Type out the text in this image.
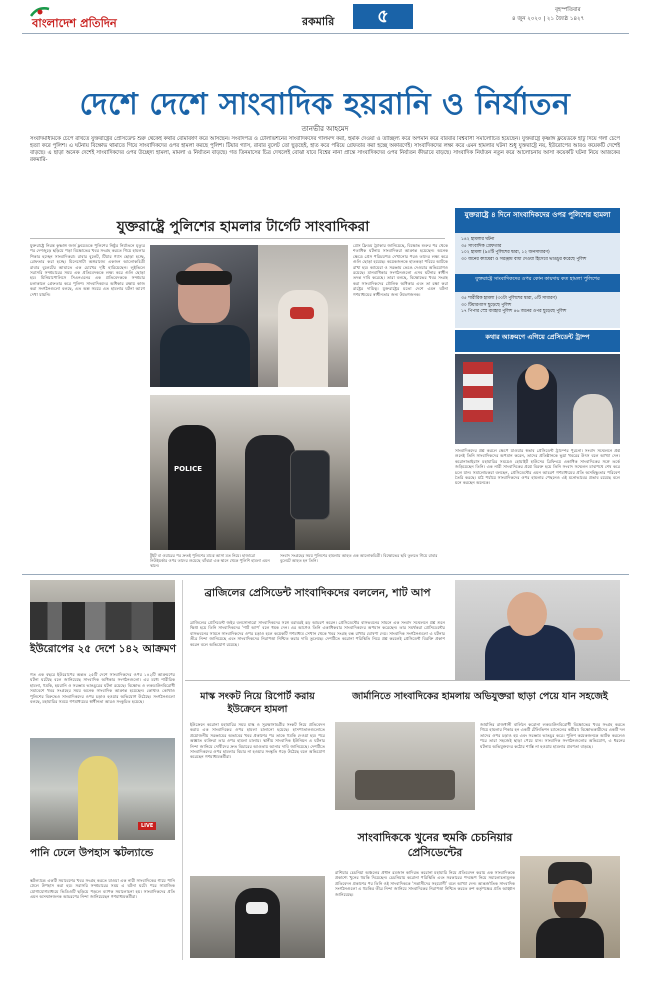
বাংলাদেশ প্রতিদিন	রকমারি	৫	বৃহস্পতিবার
৪ জুন ২০২০ | ২১ জ্যৈষ্ঠ ১৪২৭
দেশে দেশে সাংবাদিক হয়রানি ও নির্যাতন
তানভীর আহমেদ
সংবাদমাধ্যমকে চেপে রাখতে যুক্তরাষ্ট্রের প্রেসিডেন্ট শুরু থেকেই কথার বোমাবর্ষণ করে আসছেন। সংবাদপত্র ও টেলিভিশনের সাংবাদিকদের গালমন্দ করা, হুমকি দেওয়া ও তাচ্ছিল্য করে অপমান করে বারবার বিশ্ববাসী সমালোচিত হয়েছেন। যুক্তরাষ্ট্রে কৃষ্ণাঙ্গ ফ্লয়েডকে হাঁটু দিয়ে গলা চেপে হত্যা করে পুলিশ। এ ঘটনায় বিক্ষোভ থামাতে গিয়ে সাংবাদিকদের ওপর হামলা করছে পুলিশ। টিয়ার গ্যাস, রাবার বুলেট তো ছুড়ছেই, হাত করে পরিয়ে গ্রেফতার করা হচ্ছে অকারণেই। সাংবাদিকদের লক্ষ্য করে এমন হামলার ঘটনা শুধু যুক্তরাষ্ট্রে নয়, ইউরোপের আরও কয়েকটি দেশেই বাড়ছে। এ ছাড়া অনেক দেশেই সাংবাদিকদের ওপর উচ্ছেদ্য হামলা, মামলা ও নির্যাতন বাড়ছে। গত তিনমাসের চিত্র দেখলেই বোঝা যাবে বিশ্বের নানা প্রান্তে সাংবাদিকদের ওপর নির্যাতন কীভাবে বাড়ছে। সাংবাদিক নির্যাতন নতুন করে আলোচনায় আসা কয়েকটি ঘটনা নিয়ে আজকের রকমারি-
যুক্তরাষ্ট্রে পুলিশের হামলার টার্গেট সাংবাদিকরা
যুক্তরাষ্ট্রে নিরস্ত্র কৃষ্ণাঙ্গ জর্জ ফ্লয়েডকে পুলিশের নিষ্ঠুর নির্যাতনে মৃত্যুর পর দেশজুড়ে ছড়িয়ে পড়া বিক্ষোভের খবর সংগ্রহ করতে গিয়ে হামলার শিকার হচ্ছেন সাংবাদিকরা। রাবার বুলেট, টিয়ার গ্যাস ছোড়া হচ্ছে, গ্রেফতার করা হচ্ছে। মিনেসোটা অঙ্গরাজ্যে একজন আলোকচিত্রী রাবার বুলেটের আঘাতে এক চোখের দৃষ্টি হারিয়েছেন। লুইভিলে সরাসরি সম্প্রচারের সময় এক প্রতিবেদককে লক্ষ্য করে গুলি ছোড়া হয়। মিনিয়াপোলিসে সিএনএনের এক প্রতিবেদককে সম্প্রচার চলাকালে গ্রেফতার করে পুলিশ। সাংবাদিকদের অধিকার রক্ষায় কাজ করা সংগঠনগুলো বলছে, এত অল্প সময়ে এত হামলার ঘটনা আগে দেখা যায়নি।
POLICE
টুইট বা ওয়ারের পর দ্রুতই পুলিশের মাঝে আসা মত নিয়ে। হাজারো নিউইয়র্কার ওপর তাদের শুয়েছে ঝাঁঝরা এক স্থানে থেকে পুলিশি হামলা এমন স্থানে।
সংবাদ সংগ্রহের সময় পুলিশের হামলায় আহত এক আলোকচিত্রী। বিক্ষোভের ছবি তুলতে গিয়ে রাবার বুলেটে আহত হন তিনি।
প্রেস ফ্রিডম ট্র্যাকার জানিয়েছে, বিক্ষোভ শুরুর পর থেকে শতাধিক ঘটনায় সাংবাদিকরা আক্রান্ত হয়েছেন। অনেক ক্ষেত্রে প্রেস পরিচয়পত্র দেখানোর পরও তাদের লক্ষ্য করে গুলি ছোড়া হয়েছে। কয়েকজনকে হাতকড়া পরিয়ে আটকে রাখা হয়। ক্যামেরা ও সরঞ্জাম ভেঙে দেওয়ার অভিযোগও রয়েছে। মানবাধিকার সংগঠনগুলো এসব ঘটনার স্বাধীন তদন্ত দাবি করেছে। তারা বলছে, বিক্ষোভের খবর সংগ্রহ করা সাংবাদিকদের মৌলিক অধিকার এবং তা রক্ষা করা রাষ্ট্রের দায়িত্ব। যুক্তরাষ্ট্রের মতো দেশে এমন ঘটনা গণমাধ্যমের স্বাধীনতার জন্য উদ্বেগজনক।
যুক্তরাষ্ট্রে ৪ দিনে সাংবাদিকদের ওপর পুলিশের হামলা
১৪২ হামলার ঘটনা
৩৫ সাংবাদিক গ্রেফতার
১০২ হামলা (৯০টি পুলিশের দ্বারা, ১২ জনসাধারণ)
৩০ জনের ক্যামেরা ও সরঞ্জাম বাধা দেওয়া হিসেবে ভাঙচুর করেছে পুলিশ
যুক্তরাষ্ট্রে সাংবাদিকদের ওপর কোন কায়দায় কত হামলা পুলিশের
৩৫ শারীরিক হামলা (৩০টা পুলিশের দ্বারা, ৫টি সাধারণ)
৩০ টিয়ারগ্যাস ছুড়েছে পুলিশ
১৭ পিপার স্প্রে ব্যবহার পুলিশ ৪৬ জনের ওপর ছুড়েছে পুলিশ
কথার আক্রমণে এগিয়ে প্রেসিডেন্ট ট্রাম্প
সাংবাদিকদের প্রশ্ন করলে ক্ষেপে যাওয়ার স্বভাব প্রেসিডেন্ট ট্রাম্পের পুরনো। সংবাদ সম্মেলনে প্রশ্ন শুনেই তিনি সাংবাদিকদের অপমান করেন, তাদের প্রতিষ্ঠানকে ভুয়া খবরের উৎস বলে আখ্যা দেন। করোনাভাইরাস মহামারির সময়েও হোয়াইট হাউসের ব্রিফিংয়ে একাধিক সাংবাদিকের সঙ্গে তর্কে জড়িয়েছেন তিনি। এক নারী সাংবাদিকের প্রশ্নে বিরক্ত হয়ে তিনি সংবাদ সম্মেলন মাঝপথে শেষ করে চলে যান। সমালোচকরা বলছেন, প্রেসিডেন্টের এমন আচরণ গণমাধ্যমের প্রতি অসহিষ্ণুতার পরিবেশ তৈরি করছে। মাঠ পর্যায়ে সাংবাদিকদের ওপর হামলার পেছনেও এই মনোভাবের প্রভাব রয়েছে বলে মনে করছেন অনেকে।
ব্রাজিলের প্রেসিডেন্ট সাংবাদিকদের বললেন, শাট আপ
ব্রাজিলের প্রেসিডেন্ট জইর বলসোনারো সাংবাদিকদের সঙ্গে বরাবরই রূঢ় আচরণ করেন। প্রেসিডেন্টের বাসভবনের সামনে এক সংবাদ সম্মেলনে প্রশ্ন শুনে ক্ষিপ্ত হয়ে তিনি সাংবাদিকদের ‘শাট আপ’ বলে ধমক দেন। এর আগেও তিনি একাধিকবার সাংবাদিকদের অপমান করেছেন। তার সমর্থকরা প্রেসিডেন্টের বাসভবনের সামনে সাংবাদিকদের ওপর চড়াও হলে কয়েকটি গণমাধ্যম সেখান থেকে খবর সংগ্রহ বন্ধ রাখার ঘোষণা দেয়। সাংবাদিক সংগঠনগুলো এ ঘটনার তীব্র নিন্দা জানিয়েছে এবং সাংবাদিকদের নিরাপত্তা নিশ্চিত করার দাবি তুলেছে। দেশটিতে করোনা পরিস্থিতি নিয়ে প্রশ্ন করলেই প্রেসিডেন্ট বিরক্তি প্রকাশ করেন বলে অভিযোগ রয়েছে।
ইউরোপের ২৫ দেশে ১৪২ আক্রমণ
গত এক বছরে ইউরোপের অন্তত ২৫টি দেশে সাংবাদিকদের ওপর ১৪২টি আক্রমণের ঘটনা ঘটেছে বলে জানিয়েছে সাংবাদিক অধিকার সংগঠনগুলো। এর মধ্যে শারীরিক হামলা, হুমকি, হয়রানি ও সরঞ্জাম ভাঙচুরের ঘটনা রয়েছে। বিক্ষোভ ও লকডাউনবিরোধী সমাবেশে খবর সংগ্রহের সময় অনেক সাংবাদিক আক্রান্ত হয়েছেন। কোথাও কোথাও পুলিশের বিরুদ্ধেও সাংবাদিকদের ওপর চড়াও হওয়ার অভিযোগ উঠেছে। সংগঠনগুলো বলছে, মহামারির সময়ে গণমাধ্যমের স্বাধীনতা আরও সংকুচিত হয়েছে।
LIVE
পানি ঢেলে উপহাস স্কটল্যান্ডে
স্কটল্যান্ডে একটি সমাবেশের খবর সংগ্রহ করতে যাওয়া এক নারী সাংবাদিকের গায়ে পানি ঢেলে উপহাস করা হয়। সরাসরি সম্প্রচারের সময় এ ঘটনা ঘটে। পরে সামাজিক যোগাযোগমাধ্যমে ভিডিওটি ছড়িয়ে পড়লে ব্যাপক সমালোচনা হয়। সাংবাদিকদের প্রতি এমন অসম্মানজনক আচরণের নিন্দা জানিয়েছেন গণমাধ্যমকর্মীরা।
মাস্ক সংকট নিয়ে রিপোর্ট করায় ইউক্রেনে হামলা
ইউক্রেনে করোনা মহামারির সময় মাস্ক ও সুরক্ষাসামগ্রীর সংকট নিয়ে প্রতিবেদন করায় এক সাংবাদিকের ওপর হামলা চালানো হয়েছে। হাসপাতালগুলোতে প্রয়োজনীয় সরঞ্জামের অভাবের খবর প্রকাশের পর তাকে হুমকি দেওয়া হয়। পরে অজ্ঞাত ব্যক্তিরা তার ওপর হামলা চালায়। স্থানীয় সাংবাদিক ইউনিয়ন এ ঘটনার নিন্দা জানিয়ে দোষীদের দ্রুত বিচারের আওতায় আনার দাবি জানিয়েছে। দেশটিতে সাংবাদিকদের ওপর হামলার বিচার না হওয়ার সংস্কৃতি গড়ে উঠেছে বলে অভিযোগ করেছেন গণমাধ্যমকর্মীরা।
জার্মানিতে সাংবাদিকের হামলায় অভিযুক্তরা ছাড়া পেয়ে যান সহজেই
জার্মানির রাজধানী বার্লিনে করোনা লকডাউনবিরোধী বিক্ষোভের খবর সংগ্রহ করতে গিয়ে হামলার শিকার হন একটি টেলিভিশন চ্যানেলের কর্মীরা। বিক্ষোভকারীদের একটি দল তাদের ওপর চড়াও হয় এবং সরঞ্জাম ভাঙচুর করে। পুলিশ কয়েকজনকে আটক করলেও পরে তারা সহজেই ছাড়া পেয়ে যান। সাংবাদিক সংগঠনগুলোর অভিযোগ, এ ধরনের ঘটনায় অভিযুক্তদের কঠোর শাস্তি না হওয়ায় হামলার প্রবণতা বাড়ছে।
সাংবাদিককে খুনের হুমকি চেচনিয়ার প্রেসিডেন্টের
রাশিয়ার চেচনিয়া অঞ্চলের প্রধান রমজান কাদিরভ করোনা মহামারি নিয়ে প্রতিবেদন করায় এক সাংবাদিককে প্রকাশ্যে খুনের হুমকি দিয়েছেন। চেচনিয়ায় করোনা পরিস্থিতি এবং সরকারের পদক্ষেপ নিয়ে সমালোচনামূলক প্রতিবেদন প্রকাশের পর তিনি ওই সাংবাদিককে ‘সন্ত্রাসীদের সহযোগী’ বলে আখ্যা দেন। আন্তর্জাতিক সাংবাদিক সংগঠনগুলো এ হুমকির তীব্র নিন্দা জানিয়ে সাংবাদিকের নিরাপত্তা নিশ্চিত করতে রুশ কর্তৃপক্ষের প্রতি আহ্বান জানিয়েছে।
